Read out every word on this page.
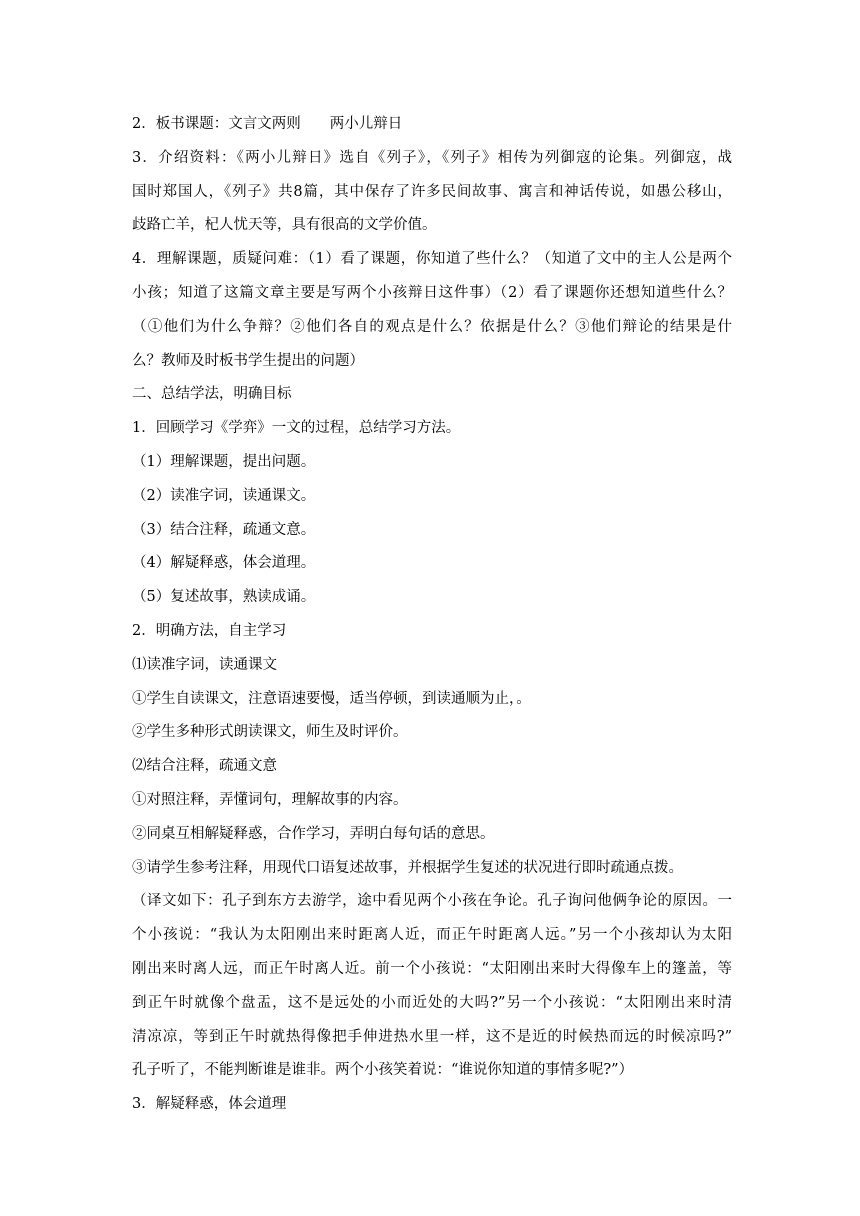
2．板书课题：文言文两则　　两小儿辩日
3．介绍资料：《两小儿辩日》选自《列子》，《列子》相传为列御寇的论集。列御寇，战
国时郑国人，《列子》共8篇，其中保存了许多民间故事、寓言和神话传说，如愚公移山，
歧路亡羊，杞人忧天等，具有很高的文学价值。
4．理解课题，质疑问难：（1）看了课题，你知道了些什么？（知道了文中的主人公是两个
小孩；知道了这篇文章主要是写两个小孩辩日这件事）（2）看了课题你还想知道些什么？
（①他们为什么争辩？②他们各自的观点是什么？依据是什么？③他们辩论的结果是什
么？教师及时板书学生提出的问题）
二、总结学法，明确目标
1．回顾学习《学弈》一文的过程，总结学习方法。
（1）理解课题，提出问题。
（2）读准字词，读通课文。
（3）结合注释，疏通文意。
（4）解疑释惑，体会道理。
（5）复述故事，熟读成诵。
2．明确方法，自主学习
⑴读准字词，读通课文
①学生自读课文，注意语速要慢，适当停顿，到读通顺为止，。
②学生多种形式朗读课文，师生及时评价。
⑵结合注释，疏通文意
①对照注释，弄懂词句，理解故事的内容。
②同桌互相解疑释惑，合作学习，弄明白每句话的意思。
③请学生参考注释，用现代口语复述故事，并根据学生复述的状况进行即时疏通点拨。
（译文如下：孔子到东方去游学，途中看见两个小孩在争论。孔子询问他俩争论的原因。一
个小孩说：“我认为太阳刚出来时距离人近，而正午时距离人远。”另一个小孩却认为太阳
刚出来时离人远，而正午时离人近。前一个小孩说：“太阳刚出来时大得像车上的篷盖，等
到正午时就像个盘盂，这不是远处的小而近处的大吗?”另一个小孩说：“太阳刚出来时清
清凉凉，等到正午时就热得像把手伸进热水里一样，这不是近的时候热而远的时候凉吗?”
孔子听了，不能判断谁是谁非。两个小孩笑着说：“谁说你知道的事情多呢?”）
3．解疑释惑，体会道理
